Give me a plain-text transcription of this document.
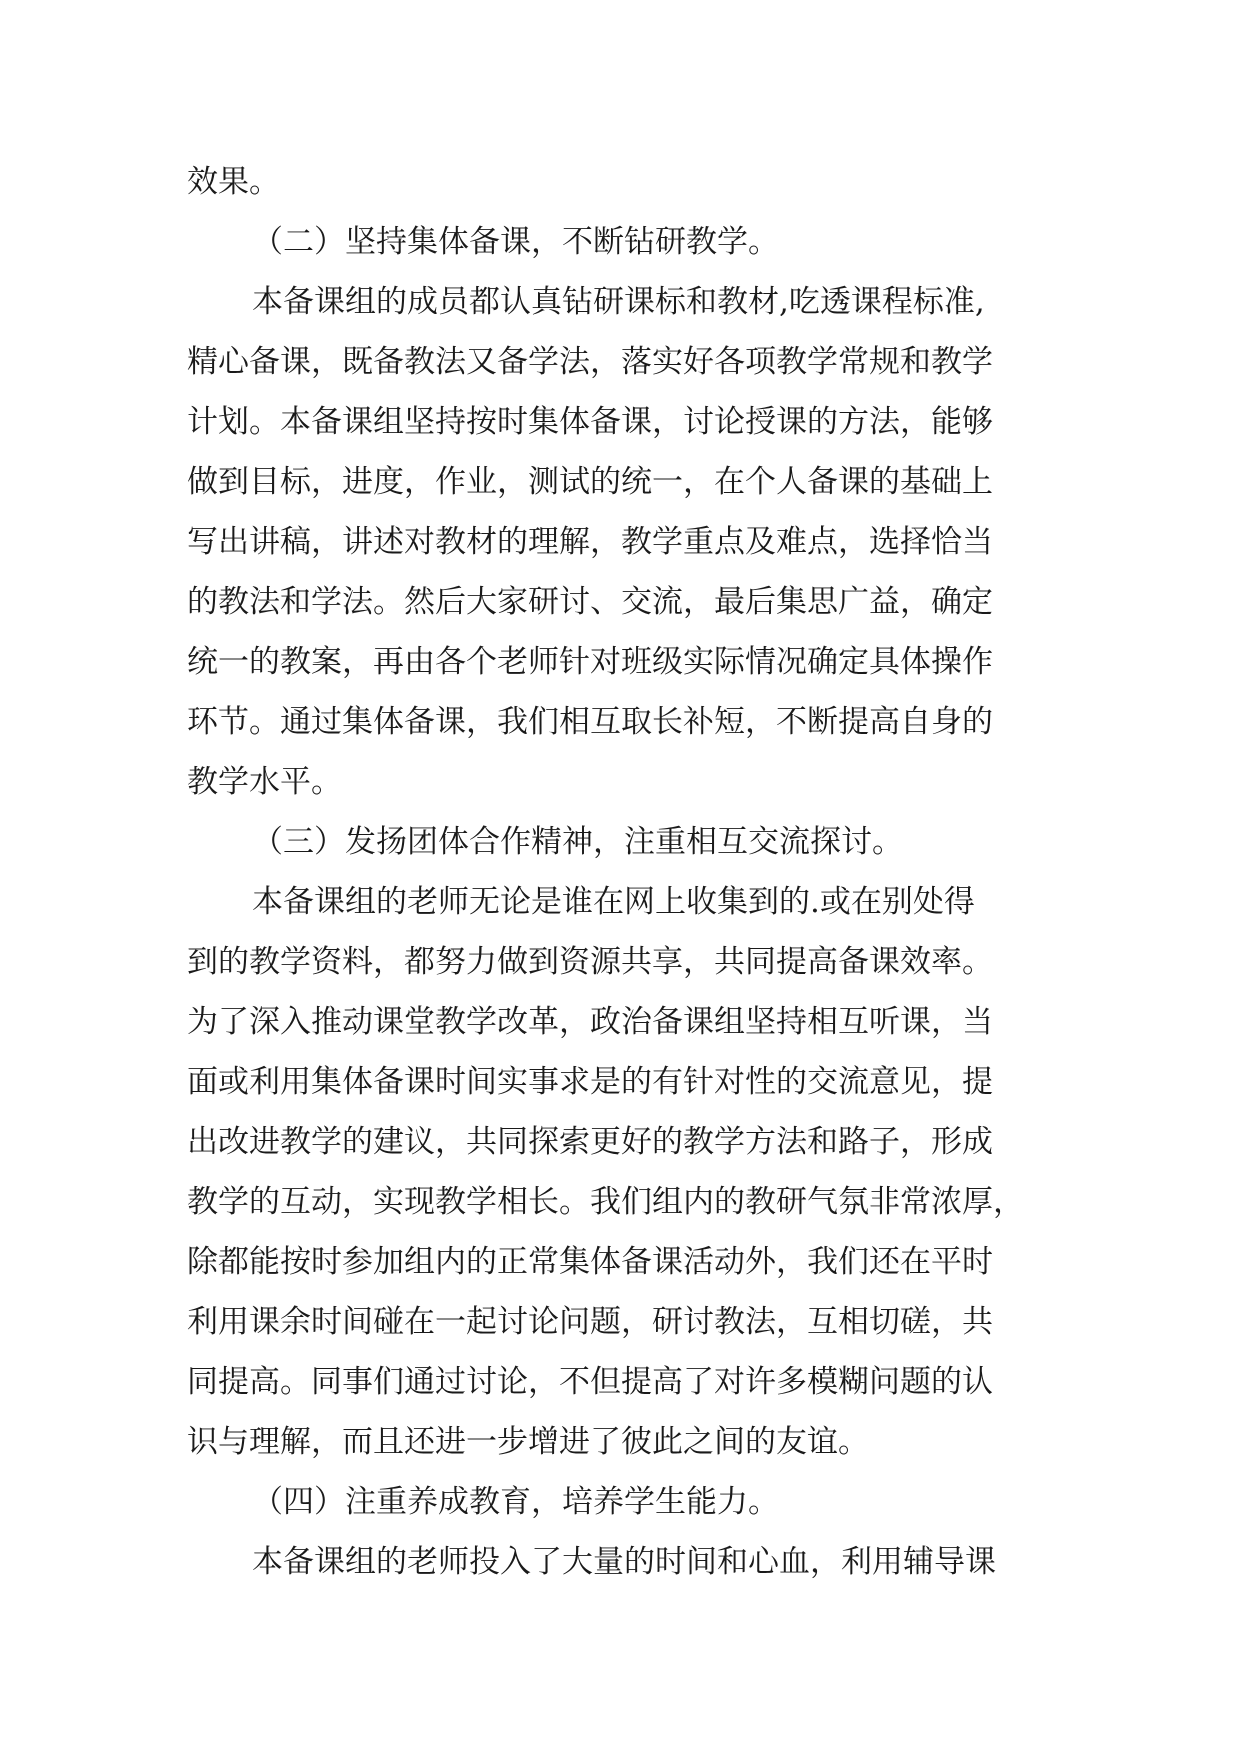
效果。
（二）坚持集体备课，不断钻研教学。
本备课组的成员都认真钻研课标和教材,吃透课程标准,
精心备课，既备教法又备学法，落实好各项教学常规和教学
计划。本备课组坚持按时集体备课，讨论授课的方法，能够
做到目标，进度，作业，测试的统一，在个人备课的基础上
写出讲稿，讲述对教材的理解，教学重点及难点，选择恰当
的教法和学法。然后大家研讨、交流，最后集思广益，确定
统一的教案，再由各个老师针对班级实际情况确定具体操作
环节。通过集体备课，我们相互取长补短，不断提高自身的
教学水平。
（三）发扬团体合作精神，注重相互交流探讨。
本备课组的老师无论是谁在网上收集到的.或在别处得
到的教学资料，都努力做到资源共享，共同提高备课效率。
为了深入推动课堂教学改革，政治备课组坚持相互听课，当
面或利用集体备课时间实事求是的有针对性的交流意见，提
出改进教学的建议，共同探索更好的教学方法和路子，形成
教学的互动，实现教学相长。我们组内的教研气氛非常浓厚，
除都能按时参加组内的正常集体备课活动外，我们还在平时
利用课余时间碰在一起讨论问题，研讨教法，互相切磋，共
同提高。同事们通过讨论，不但提高了对许多模糊问题的认
识与理解，而且还进一步增进了彼此之间的友谊。
（四）注重养成教育，培养学生能力。
本备课组的老师投入了大量的时间和心血，利用辅导课
